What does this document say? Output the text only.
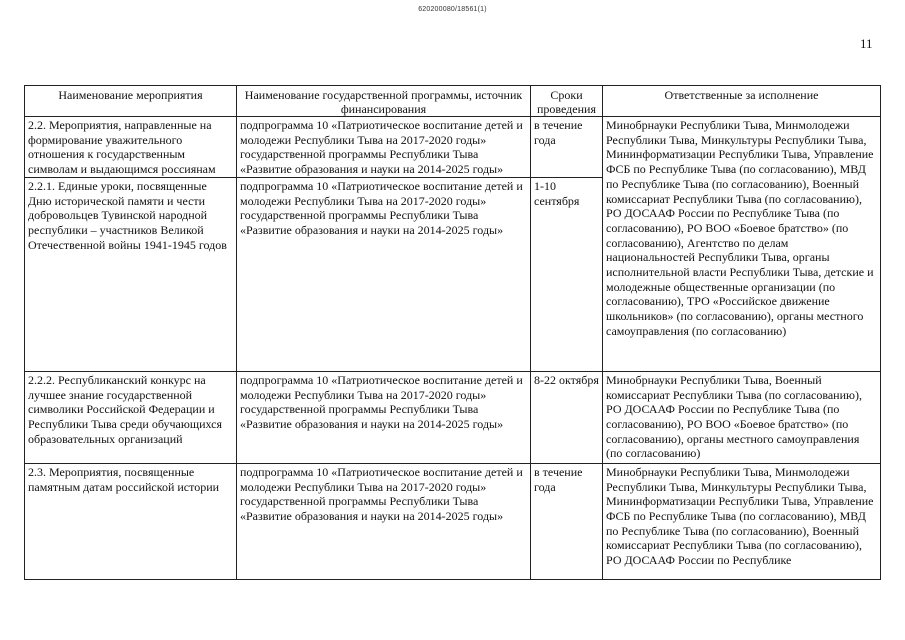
620200080/18561(1)
11
Наименование мероприятия	Наименование государственной программы, источник финансирования	Сроки проведения	Ответственные за исполнение
2.2. Мероприятия, направленные на формирование уважительного отношения к государственным символам и выдающимся россиянам	подпрограмма 10 «Патриотическое воспитание детей и молодежи Республики Тыва на 2017-2020 годы» государственной программы Республики Тыва «Развитие образования и науки на 2014-2025 годы»	в течение года	Минобрнауки Республики Тыва, Минмолодежи Республики Тыва, Минкультуры Республики Тыва, Мининформатизации Республики Тыва, Управление ФСБ по Республике Тыва (по согласованию), МВД по Республике Тыва (по согласованию), Военный комиссариат Республики Тыва (по согласованию), РО ДОСААФ России по Республике Тыва (по согласованию), РО ВОО «Боевое братство» (по согласованию), Агентство по делам национальностей Республики Тыва, органы исполнительной власти Республики Тыва, детские и молодежные общественные организации (по согласованию), ТРО «Российское движение школьников» (по согласованию), органы местного самоуправления (по согласованию)
2.2.1. Единые уроки, посвященные Дню исторической памяти и чести добровольцев Тувинской народной республики – участников Великой Отечественной войны 1941-1945 годов	подпрограмма 10 «Патриотическое воспитание детей и молодежи Республики Тыва на 2017-2020 годы» государственной программы Республики Тыва «Развитие образования и науки на 2014-2025 годы»	1-10 сентября	
2.2.2. Республиканский конкурс на лучшее знание государственной символики Российской Федерации и Республики Тыва среди обучающихся образовательных организаций	подпрограмма 10 «Патриотическое воспитание детей и молодежи Республики Тыва на 2017-2020 годы» государственной программы Республики Тыва «Развитие образования и науки на 2014-2025 годы»	8-22 октября	Минобрнауки Республики Тыва, Военный комиссариат Республики Тыва (по согласованию), РО ДОСААФ России по Республике Тыва (по согласованию), РО ВОО «Боевое братство» (по согласованию), органы местного самоуправления (по согласованию)
2.3. Мероприятия, посвященные памятным датам российской истории	подпрограмма 10 «Патриотическое воспитание детей и молодежи Республики Тыва на 2017-2020 годы» государственной программы Республики Тыва «Развитие образования и науки на 2014-2025 годы»	в течение года	Минобрнауки Республики Тыва, Минмолодежи Республики Тыва, Минкультуры Республики Тыва, Мининформатизации Республики Тыва, Управление ФСБ по Республике Тыва (по согласованию), МВД по Республике Тыва (по согласованию), Военный комиссариат Республики Тыва (по согласованию), РО ДОСААФ России по Республике
